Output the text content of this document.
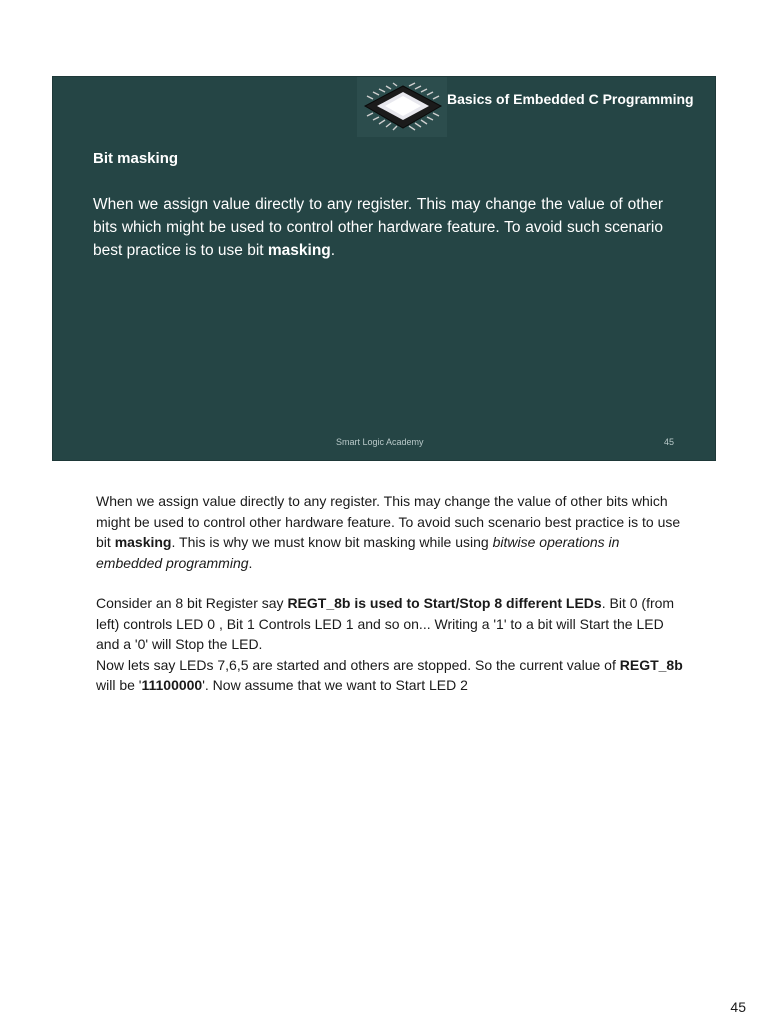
Basics of Embedded C Programming
Bit masking
When we assign value directly to any register. This may change the value of other bits which might be used to control other hardware feature. To avoid such scenario best practice is to use bit masking.
Smart Logic Academy	45

When we assign value directly to any register. This may change the value of other bits which might be used to control other hardware feature. To avoid such scenario best practice is to use bit masking. This is why we must know bit masking while using bitwise operations in embedded programming.

Consider an 8 bit Register say REGT_8b is used to Start/Stop 8 different LEDs. Bit 0 (from left) controls LED 0 , Bit 1 Controls LED 1 and so on... Writing a '1' to a bit will Start the LED and a '0' will Stop the LED.

Now lets say LEDs 7,6,5 are started and others are stopped. So the current value of REGT_8b will be '11100000'. Now assume that we want to Start LED 2

45
